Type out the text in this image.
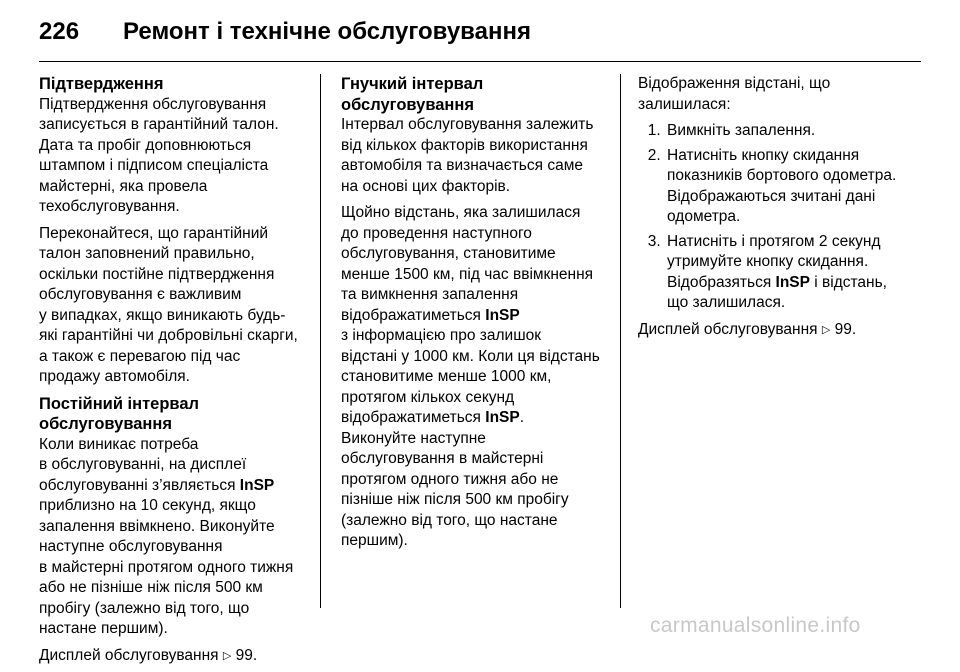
226	Ремонт і технічне обслуговування
Підтвердження

Підтвердження обслуговування
записується в гарантійний талон.
Дата та пробіг доповнюються
штампом і підписом спеціаліста
майстерні, яка провела
техобслуговування.

Переконайтеся, що гарантійний
талон заповнений правильно,
оскільки постійне підтвердження
обслуговування є важливим
у випадках, якщо виникають будь-
які гарантійні чи добровільні скарги,
а також є перевагою під час
продажу автомобіля.

Постійний інтервал
обслуговування

Коли виникає потреба
в обслуговуванні, на дисплеї
обслуговуванні з’являється InSP
приблизно на 10 секунд, якщо
запалення ввімкнено. Виконуйте
наступне обслуговування
в майстерні протягом одного тижня
або не пізніше ніж після 500 км
пробігу (залежно від того, що
настане першим).

Дисплей обслуговування ▷ 99.

Гнучкий інтервал
обслуговування

Інтервал обслуговування залежить
від кількох факторів використання
автомобіля та визначається саме
на основі цих факторів.

Щойно відстань, яка залишилася
до проведення наступного
обслуговування, становитиме
менше 1500 км, під час ввімкнення
та вимкнення запалення
відображатиметься InSP
з інформацією про залишок
відстані у 1000 км. Коли ця відстань
становитиме менше 1000 км,
протягом кількох секунд
відображатиметься InSP.
Виконуйте наступне
обслуговування в майстерні
протягом одного тижня або не
пізніше ніж після 500 км пробігу
(залежно від того, що настане
першим).

Відображення відстані, що
залишилася:

1. Вимкніть запалення.
2. Натисніть кнопку скидання
показників бортового одометра.
Відображаються зчитані дані
одометра.
3. Натисніть і протягом 2 секунд
утримуйте кнопку скидання.
Відобразяться InSP і відстань,
що залишилася.

Дисплей обслуговування ▷ 99.

carmanualsonline.info
